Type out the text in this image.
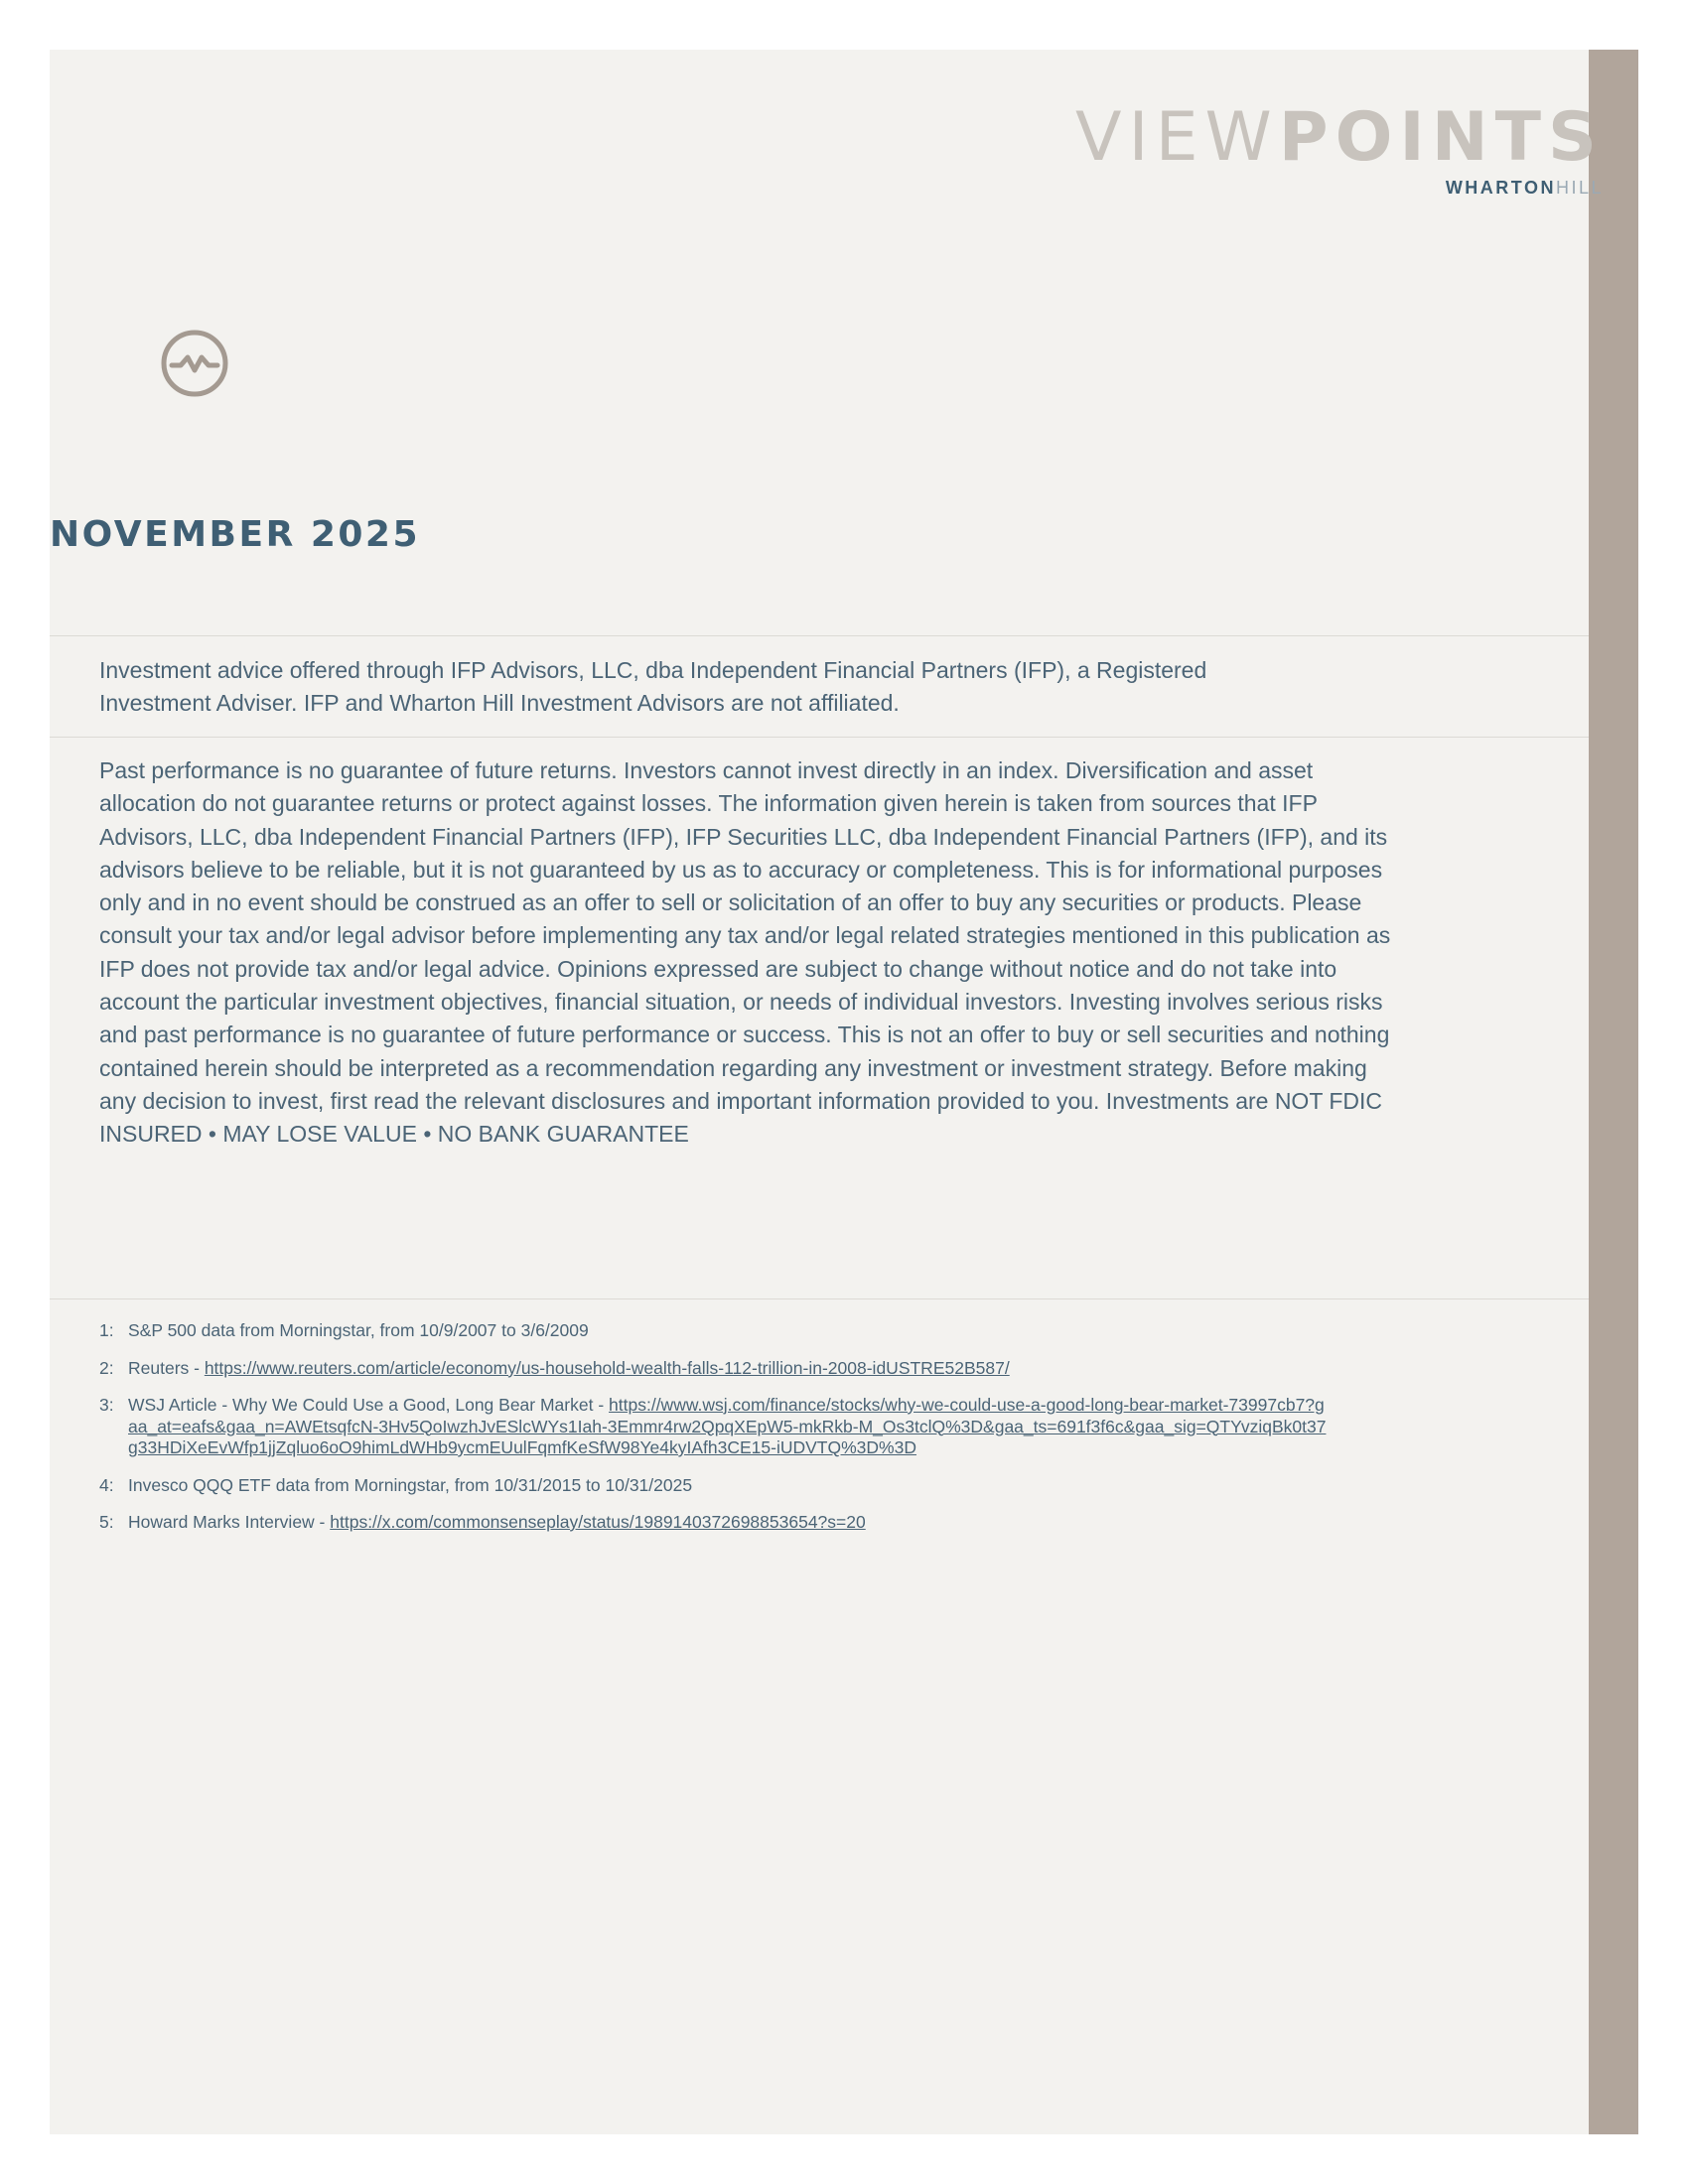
VIEWPOINTS
WHARTONHILL
NOVEMBER 2025

Investment advice offered through IFP Advisors, LLC, dba Independent Financial Partners (IFP), a Registered Investment Adviser. IFP and Wharton Hill Investment Advisors are not affiliated.

Past performance is no guarantee of future returns. Investors cannot invest directly in an index. Diversification and asset allocation do not guarantee returns or protect against losses. The information given herein is taken from sources that IFP Advisors, LLC, dba Independent Financial Partners (IFP), IFP Securities LLC, dba Independent Financial Partners (IFP), and its advisors believe to be reliable, but it is not guaranteed by us as to accuracy or completeness. This is for informational purposes only and in no event should be construed as an offer to sell or solicitation of an offer to buy any securities or products. Please consult your tax and/or legal advisor before implementing any tax and/or legal related strategies mentioned in this publication as IFP does not provide tax and/or legal advice. Opinions expressed are subject to change without notice and do not take into account the particular investment objectives, financial situation, or needs of individual investors. Investing involves serious risks and past performance is no guarantee of future performance or success. This is not an offer to buy or sell securities and nothing contained herein should be interpreted as a recommendation regarding any investment or investment strategy. Before making any decision to invest, first read the relevant disclosures and important information provided to you. Investments are NOT FDIC INSURED • MAY LOSE VALUE • NO BANK GUARANTEE

1: S&P 500 data from Morningstar, from 10/9/2007 to 3/6/2009
2: Reuters - https://www.reuters.com/article/economy/us-household-wealth-falls-112-trillion-in-2008-idUSTRE52B587/
3: WSJ Article - Why We Could Use a Good, Long Bear Market - https://www.wsj.com/finance/stocks/why-we-could-use-a-good-long-bear-market-73997cb7?gaa_at=eafs&gaa_n=AWEtsqfcN-3Hv5QoIwzhJvESlcWYs1Iah-3Emmr4rw2QpqXEpW5-mkRkb-M_Os3tclQ%3D&gaa_ts=691f3f6c&gaa_sig=QTYvziqBk0t37g33HDiXeEvWfp1jjZqluo6oO9himLdWHb9ycmEUulFqmfKeSfW98Ye4kyIAfh3CE15-iUDVTQ%3D%3D
4: Invesco QQQ ETF data from Morningstar, from 10/31/2015 to 10/31/2025
5: Howard Marks Interview - https://x.com/commonsenseplay/status/1989140372698853654?s=20
